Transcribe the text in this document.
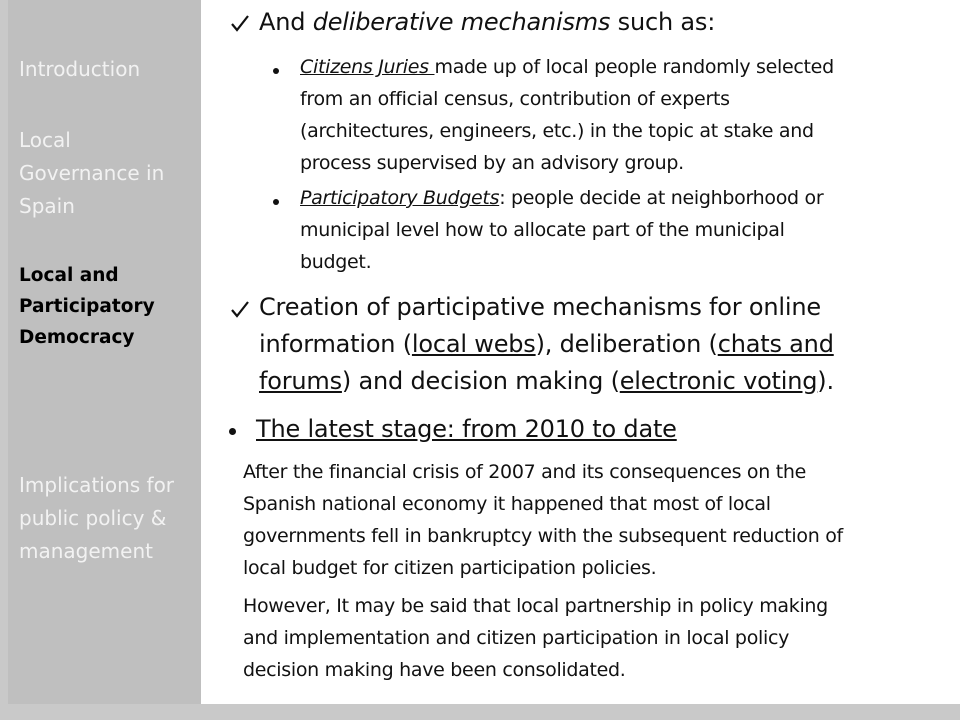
Introduction
Local
Governance in
Spain
Local and
Participatory
Democracy
Implications for
public policy &
management
And deliberative mechanisms such as:
Citizens Juries made up of local people randomly selected
from an official census, contribution of experts
(architectures, engineers, etc.) in the topic at stake and
process supervised by an advisory group.
Participatory Budgets: people decide at neighborhood or
municipal level how to allocate part of the municipal
budget.
Creation of participative mechanisms for online
information (local webs), deliberation (chats and
forums) and decision making (electronic voting).
The latest stage: from 2010 to date
After the financial crisis of 2007 and its consequences on the
Spanish national economy it happened that most of local
governments fell in bankruptcy with the subsequent reduction of
local budget for citizen participation policies.
However, It may be said that local partnership in policy making
and implementation and citizen participation in local policy
decision making have been consolidated.
